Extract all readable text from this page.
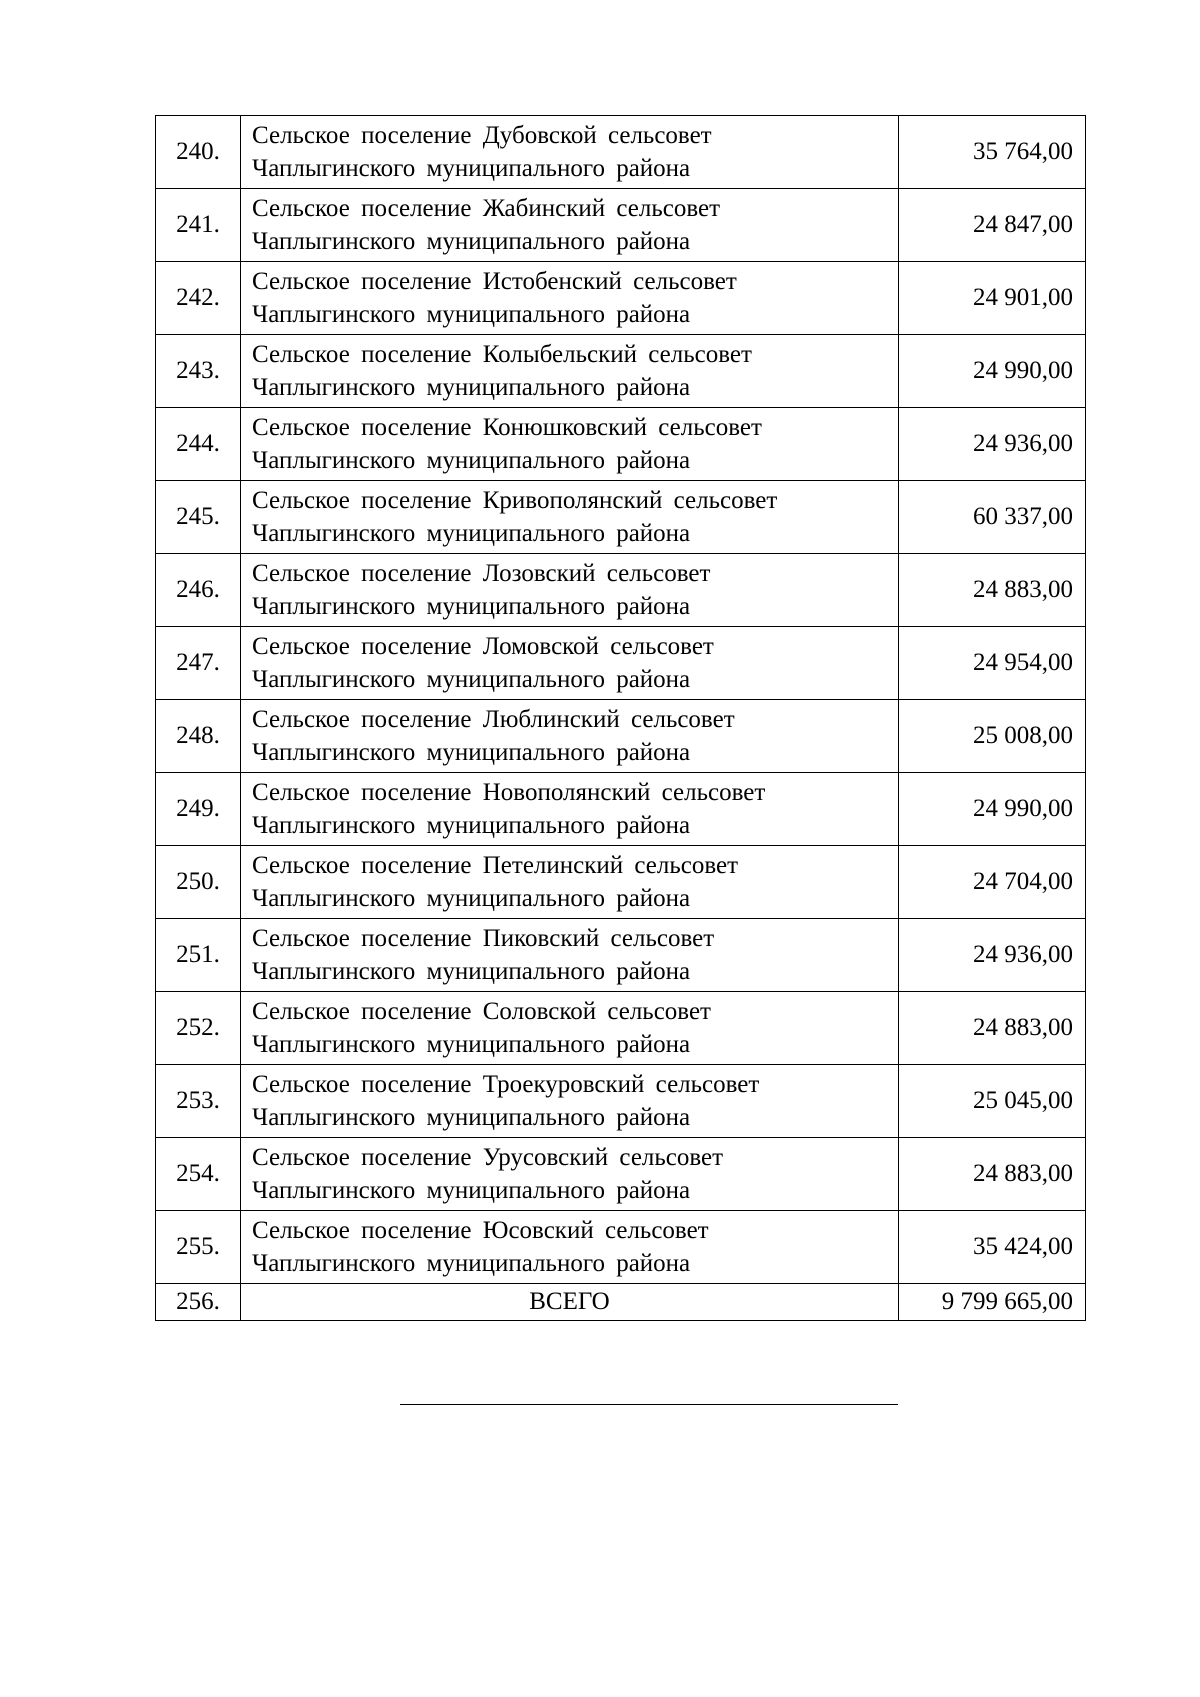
240.	Сельское поселение Дубовской сельсовет
Чаплыгинского муниципального района	35 764,00
241.	Сельское поселение Жабинский сельсовет
Чаплыгинского муниципального района	24 847,00
242.	Сельское поселение Истобенский сельсовет
Чаплыгинского муниципального района	24 901,00
243.	Сельское поселение Колыбельский сельсовет
Чаплыгинского муниципального района	24 990,00
244.	Сельское поселение Конюшковский сельсовет
Чаплыгинского муниципального района	24 936,00
245.	Сельское поселение Кривополянский сельсовет
Чаплыгинского муниципального района	60 337,00
246.	Сельское поселение Лозовский сельсовет
Чаплыгинского муниципального района	24 883,00
247.	Сельское поселение Ломовской сельсовет
Чаплыгинского муниципального района	24 954,00
248.	Сельское поселение Люблинский сельсовет
Чаплыгинского муниципального района	25 008,00
249.	Сельское поселение Новополянский сельсовет
Чаплыгинского муниципального района	24 990,00
250.	Сельское поселение Петелинский сельсовет
Чаплыгинского муниципального района	24 704,00
251.	Сельское поселение Пиковский сельсовет
Чаплыгинского муниципального района	24 936,00
252.	Сельское поселение Соловской сельсовет
Чаплыгинского муниципального района	24 883,00
253.	Сельское поселение Троекуровский сельсовет
Чаплыгинского муниципального района	25 045,00
254.	Сельское поселение Урусовский сельсовет
Чаплыгинского муниципального района	24 883,00
255.	Сельское поселение Юсовский сельсовет
Чаплыгинского муниципального района	35 424,00
256.	ВСЕГО	9 799 665,00
